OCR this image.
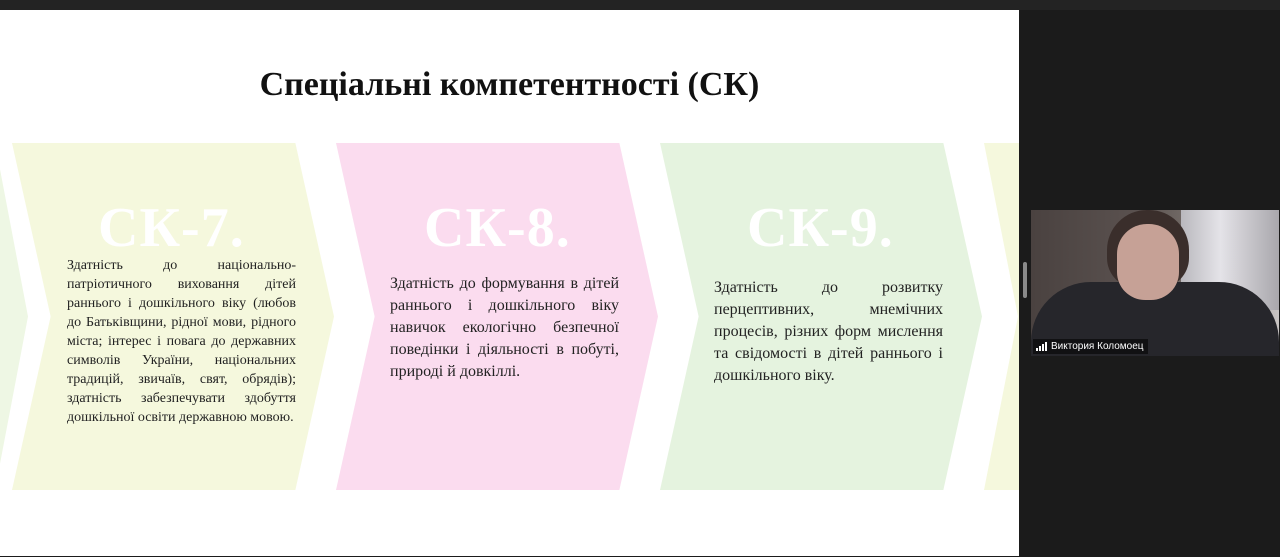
Спеціальні компетентності (СК)
СК-7.	СК-8.	СК-9.
Здатність до національно-патріотичного виховання дітей раннього і дошкільного віку (любов до Батьківщини, рідної мови, рідного міста; інтерес і повага до державних символів України, національних традицій, звичаїв, свят, обрядів); здатність забезпечувати здобуття дошкільної освіти державною мовою.
Здатність до формування в дітей раннього і дошкільного віку навичок екологічно безпечної поведінки і діяльності в побуті, природі й довкіллі.
Здатність до розвитку перцептивних, мнемічних процесів, різних форм мислення та свідомості в дітей раннього і дошкільного віку.
Виктория Коломоец
